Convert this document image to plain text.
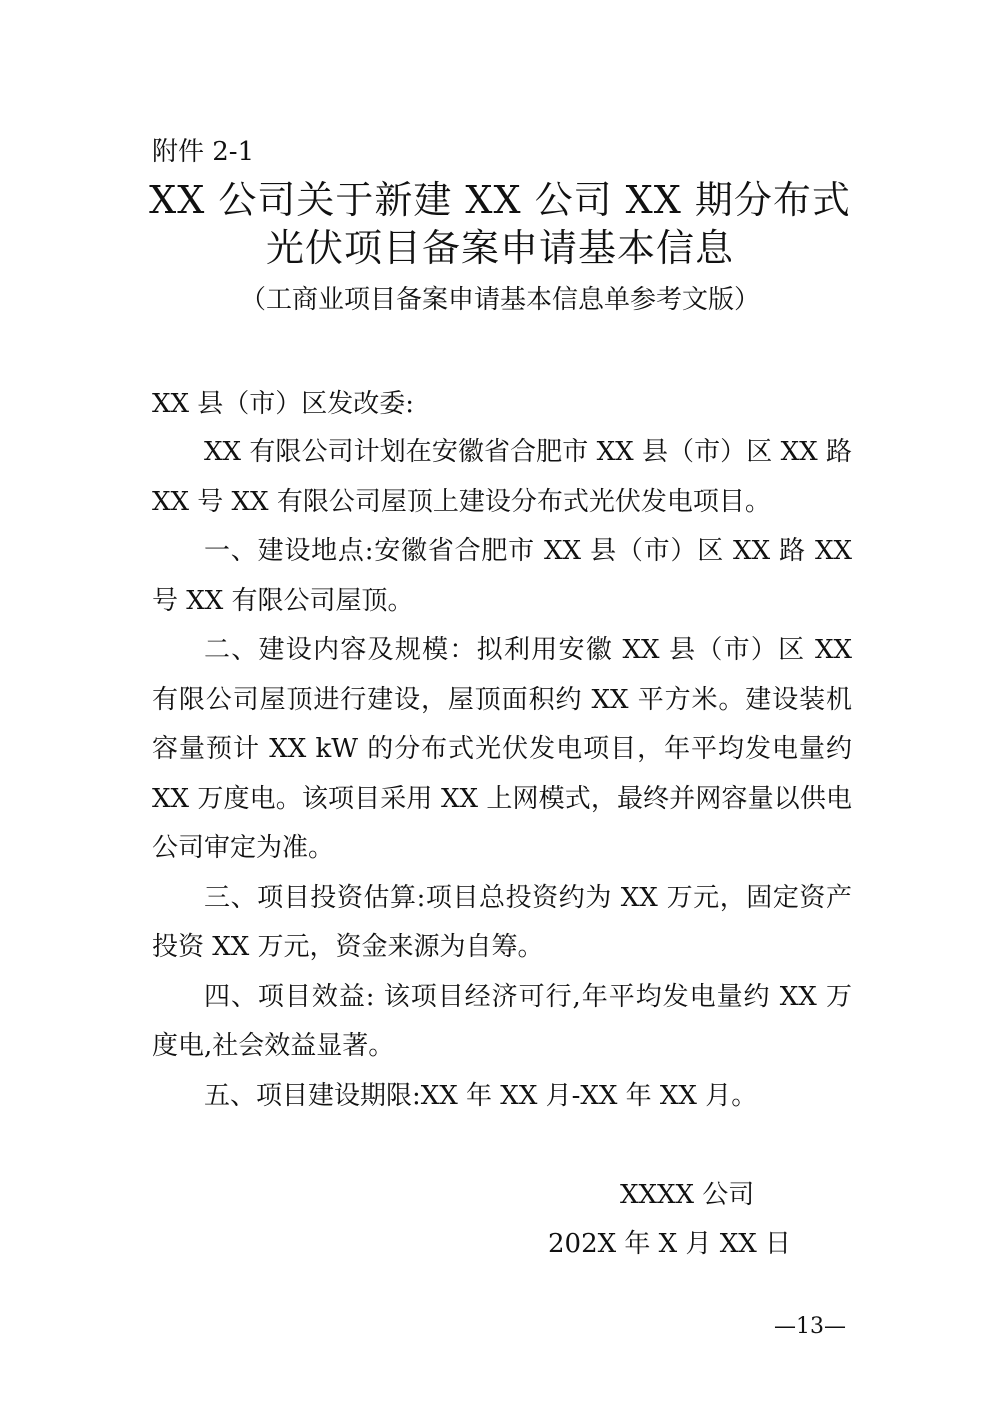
附件 2-1
XX 公司关于新建 XX 公司 XX 期分布式
光伏项目备案申请基本信息
（工商业项目备案申请基本信息单参考文版）
XX 县（市）区发改委:

XX 有限公司计划在安徽省合肥市 XX 县（市）区 XX 路 XX 号 XX 有限公司屋顶上建设分布式光伏发电项目。

一、建设地点:安徽省合肥市 XX 县（市）区 XX 路 XX 号 XX 有限公司屋顶。

二、建设内容及规模：拟利用安徽 XX 县（市）区 XX 有限公司屋顶进行建设，屋顶面积约 XX 平方米。建设装机容量预计 XX kW 的分布式光伏发电项目，年平均发电量约 XX 万度电。该项目采用 XX 上网模式，最终并网容量以供电公司审定为准。

三、项目投资估算:项目总投资约为 XX 万元，固定资产投资 XX 万元，资金来源为自筹。

四、项目效益: 该项目经济可行,年平均发电量约 XX 万度电,社会效益显著。

五、项目建设期限:XX 年 XX 月-XX 年 XX 月。

XXXX 公司
202X 年 X 月 XX 日
—13—
